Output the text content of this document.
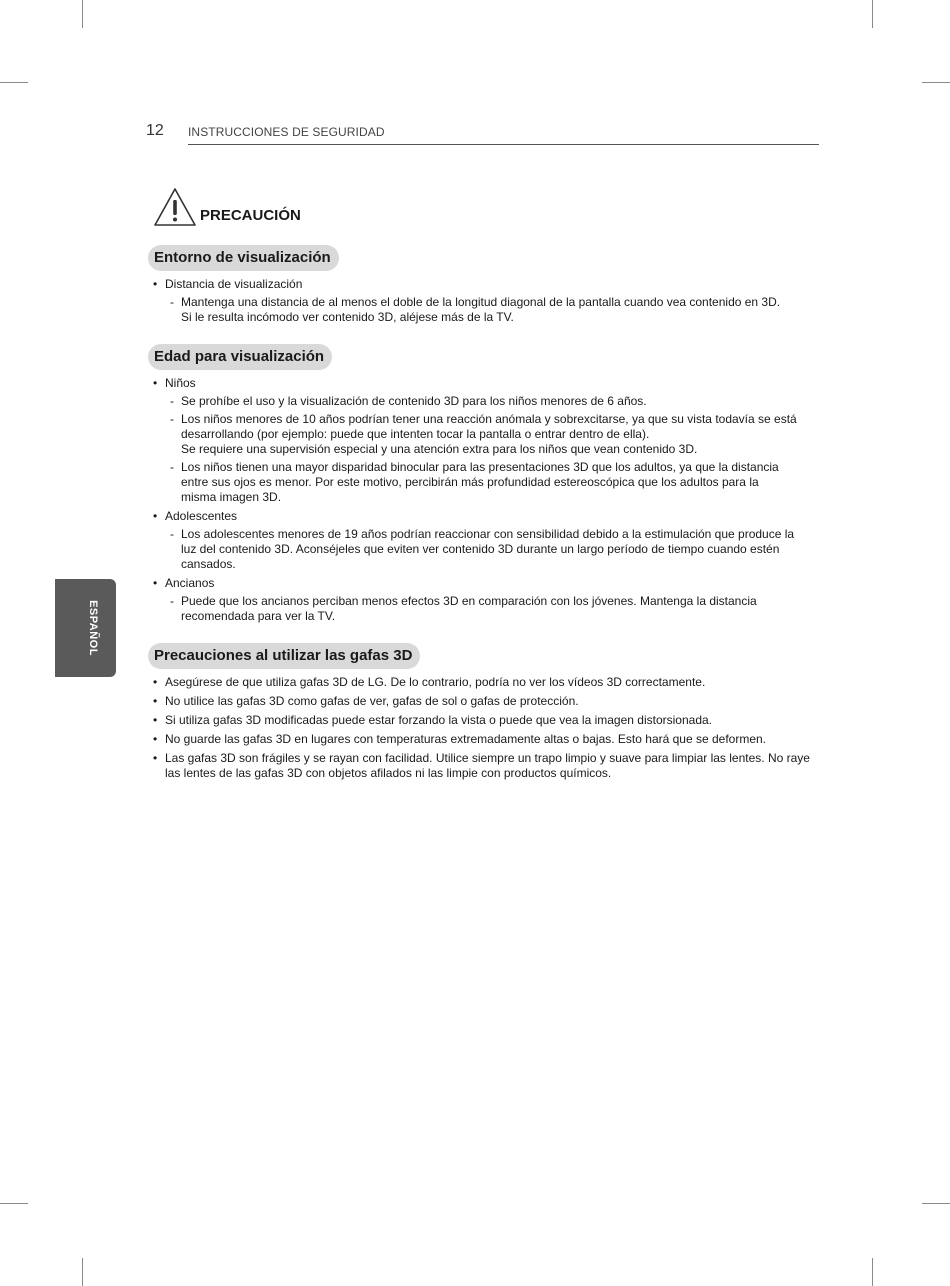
12 INSTRUCCIONES DE SEGURIDAD
PRECAUCIÓN
ESPAÑOL
Entorno de visualización
• Distancia de visualización
- Mantenga una distancia de al menos el doble de la longitud diagonal de la pantalla cuando vea contenido en 3D.
Si le resulta incómodo ver contenido 3D, aléjese más de la TV.
Edad para visualización
• Niños
- Se prohíbe el uso y la visualización de contenido 3D para los niños menores de 6 años.
- Los niños menores de 10 años podrían tener una reacción anómala y sobrexcitarse, ya que su vista todavía se está
desarrollando (por ejemplo: puede que intenten tocar la pantalla o entrar dentro de ella).
Se requiere una supervisión especial y una atención extra para los niños que vean contenido 3D.
- Los niños tienen una mayor disparidad binocular para las presentaciones 3D que los adultos, ya que la distancia
entre sus ojos es menor. Por este motivo, percibirán más profundidad estereoscópica que los adultos para la
misma imagen 3D.
• Adolescentes
- Los adolescentes menores de 19 años podrían reaccionar con sensibilidad debido a la estimulación que produce la
luz del contenido 3D. Aconséjeles que eviten ver contenido 3D durante un largo período de tiempo cuando estén
cansados.
• Ancianos
- Puede que los ancianos perciban menos efectos 3D en comparación con los jóvenes. Mantenga la distancia
recomendada para ver la TV.
Precauciones al utilizar las gafas 3D
• Asegúrese de que utiliza gafas 3D de LG. De lo contrario, podría no ver los vídeos 3D correctamente.
• No utilice las gafas 3D como gafas de ver, gafas de sol o gafas de protección.
• Si utiliza gafas 3D modificadas puede estar forzando la vista o puede que vea la imagen distorsionada.
• No guarde las gafas 3D en lugares con temperaturas extremadamente altas o bajas. Esto hará que se deformen.
• Las gafas 3D son frágiles y se rayan con facilidad. Utilice siempre un trapo limpio y suave para limpiar las lentes. No raye
las lentes de las gafas 3D con objetos afilados ni las limpie con productos químicos.
